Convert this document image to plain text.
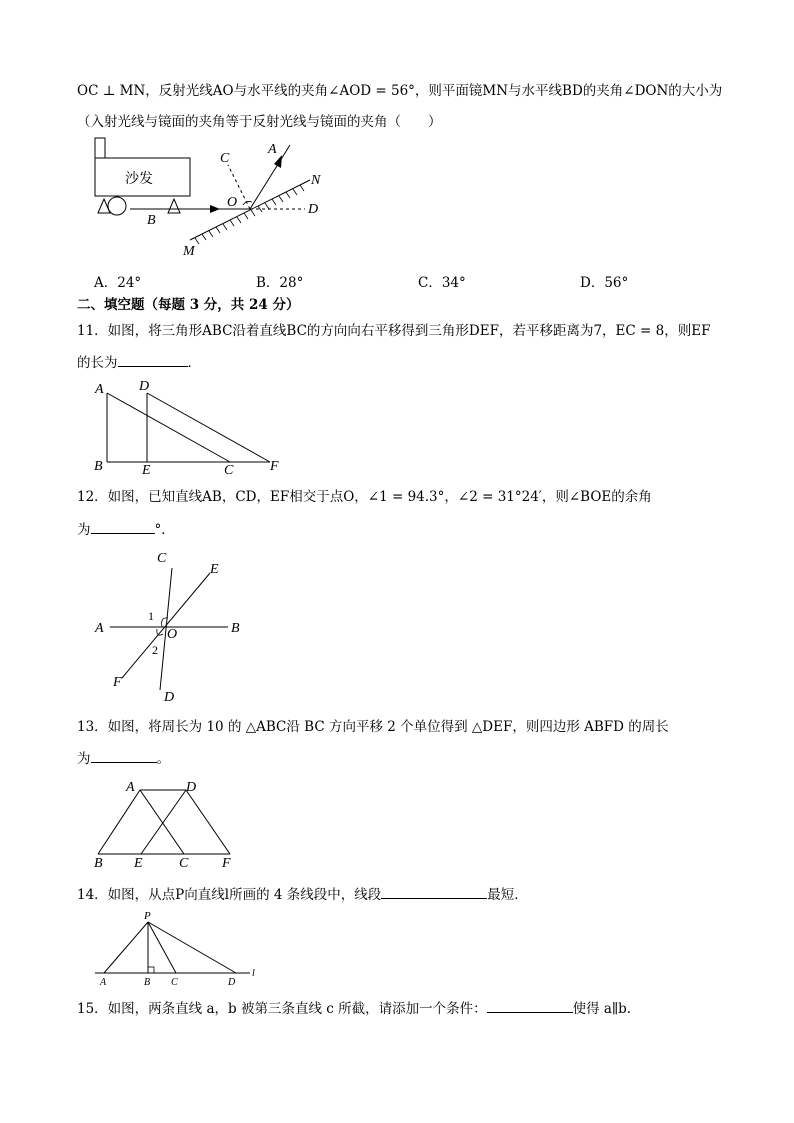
OC ⊥ MN，反射光线AO与水平线的夹角∠AOD = 56°，则平面镜MN与水平线BD的夹角∠DON的大小为
（入射光线与镜面的夹角等于反射光线与镜面的夹角（　　）
沙发
C
A
N
O	D
B
M
A．24°	B．28°	C．34°	D．56°
二、填空题（每题 3 分，共 24 分）
11．如图，将三角形ABC沿着直线BC的方向向右平移得到三角形DEF，若平移距离为7，EC = 8，则EF
的长为	．
A	D
B	E	C	F
12．如图，已知直线AB，CD，EF相交于点O，∠1 = 94.3°，∠2 = 31°24′，则∠BOE的余角
为	°．
C
E
A	O	B
1
2
F
D
13．如图，将周长为 10 的 △ABC沿 BC 方向平移 2 个单位得到 △DEF，则四边形 ABFD 的周长
为	。
A	D
B E	C F
14．如图，从点P向直线l所画的 4 条线段中，线段	最短．
P
A	B C	D
l
15．如图，两条直线 a，b 被第三条直线 c 所截，请添加一个条件：	使得 a∥b.
